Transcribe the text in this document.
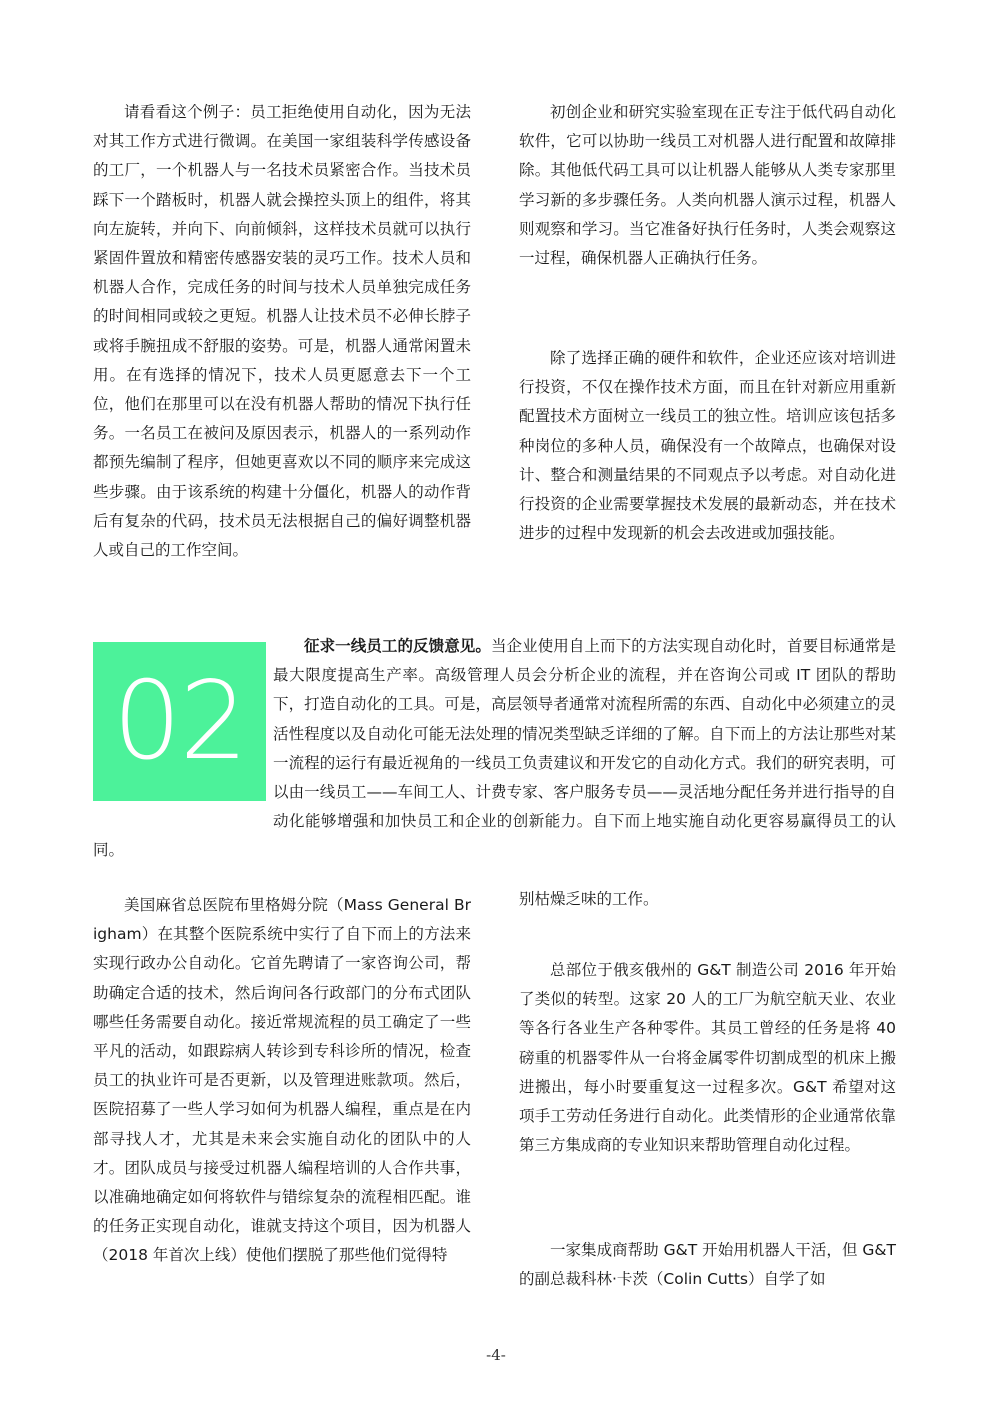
请看看这个例子：员工拒绝使用自动化，因为无法对其工作方式进行微调。在美国一家组装科学传感设备的工厂，一个机器人与一名技术员紧密合作。当技术员踩下一个踏板时，机器人就会操控头顶上的组件，将其向左旋转，并向下、向前倾斜，这样技术员就可以执行紧固件置放和精密传感器安装的灵巧工作。技术人员和机器人合作，完成任务的时间与技术人员单独完成任务的时间相同或较之更短。机器人让技术员不必伸长脖子或将手腕扭成不舒服的姿势。可是，机器人通常闲置未用。在有选择的情况下，技术人员更愿意去下一个工位，他们在那里可以在没有机器人帮助的情况下执行任务。一名员工在被问及原因表示，机器人的一系列动作都预先编制了程序，但她更喜欢以不同的顺序来完成这些步骤。由于该系统的构建十分僵化，机器人的动作背后有复杂的代码，技术员无法根据自己的偏好调整机器人或自己的工作空间。

初创企业和研究实验室现在正专注于低代码自动化软件，它可以协助一线员工对机器人进行配置和故障排除。其他低代码工具可以让机器人能够从人类专家那里学习新的多步骤任务。人类向机器人演示过程，机器人则观察和学习。当它准备好执行任务时，人类会观察这一过程，确保机器人正确执行任务。

除了选择正确的硬件和软件，企业还应该对培训进行投资，不仅在操作技术方面，而且在针对新应用重新配置技术方面树立一线员工的独立性。培训应该包括多种岗位的多种人员，确保没有一个故障点，也确保对设计、整合和测量结果的不同观点予以考虑。对自动化进行投资的企业需要掌握技术发展的最新动态，并在技术进步的过程中发现新的机会去改进或加强技能。

02

征求一线员工的反馈意见。当企业使用自上而下的方法实现自动化时，首要目标通常是最大限度提高生产率。高级管理人员会分析企业的流程，并在咨询公司或 IT 团队的帮助下，打造自动化的工具。可是，高层领导者通常对流程所需的东西、自动化中必须建立的灵活性程度以及自动化可能无法处理的情况类型缺乏详细的了解。自下而上的方法让那些对某一流程的运行有最近视角的一线员工负责建议和开发它的自动化方式。我们的研究表明，可以由一线员工——车间工人、计费专家、客户服务专员——灵活地分配任务并进行指导的自动化能够增强和加快员工和企业的创新能力。自下而上地实施自动化更容易赢得员工的认同。

美国麻省总医院布里格姆分院（Mass General Brigham）在其整个医院系统中实行了自下而上的方法来实现行政办公自动化。它首先聘请了一家咨询公司，帮助确定合适的技术，然后询问各行政部门的分布式团队哪些任务需要自动化。接近常规流程的员工确定了一些平凡的活动，如跟踪病人转诊到专科诊所的情况，检查员工的执业许可是否更新，以及管理进账款项。然后，医院招募了一些人学习如何为机器人编程，重点是在内部寻找人才，尤其是未来会实施自动化的团队中的人才。团队成员与接受过机器人编程培训的人合作共事，以准确地确定如何将软件与错综复杂的流程相匹配。谁的任务正实现自动化，谁就支持这个项目，因为机器人（2018 年首次上线）使他们摆脱了那些他们觉得特

别枯燥乏味的工作。

总部位于俄亥俄州的 G&T 制造公司 2016 年开始了类似的转型。这家 20 人的工厂为航空航天业、农业等各行各业生产各种零件。其员工曾经的任务是将 40 磅重的机器零件从一台将金属零件切割成型的机床上搬进搬出，每小时要重复这一过程多次。G&T 希望对这项手工劳动任务进行自动化。此类情形的企业通常依靠第三方集成商的专业知识来帮助管理自动化过程。

一家集成商帮助 G&T 开始用机器人干活，但 G&T 的副总裁科林·卡茨（Colin Cutts）自学了如

-4-
